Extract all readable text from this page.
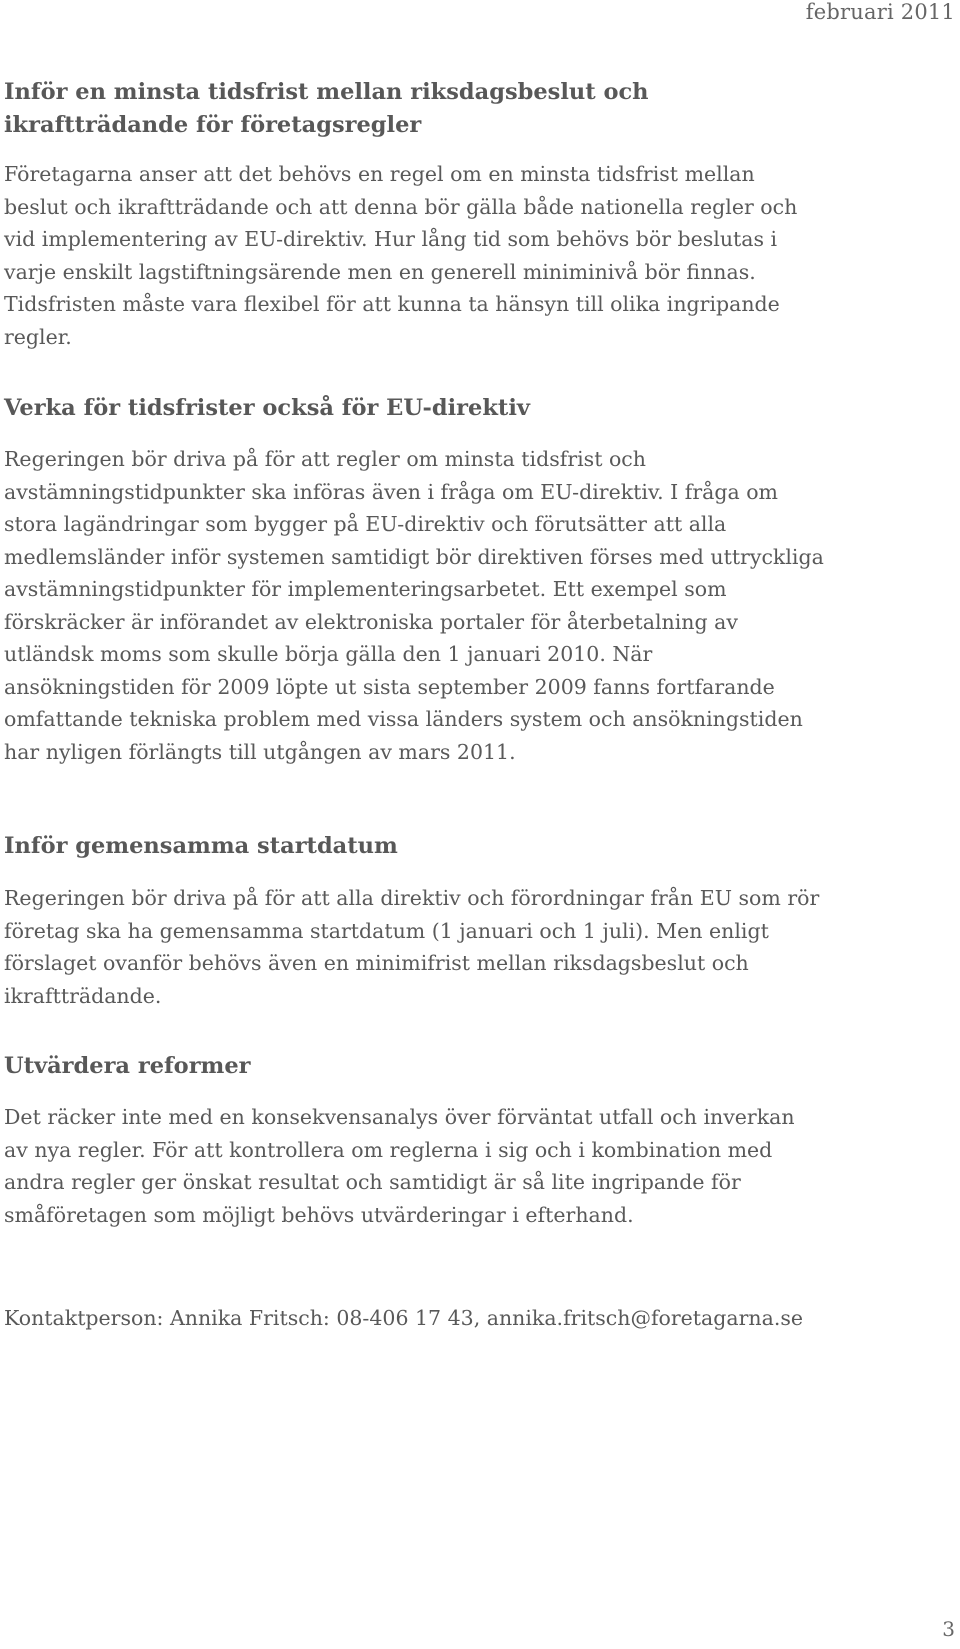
februari 2011
Inför en minsta tidsfrist mellan riksdagsbeslut och ikraftträdande för företagsregler

Företagarna anser att det behövs en regel om en minsta tidsfrist mellan beslut och ikraftträdande och att denna bör gälla både nationella regler och vid implementering av EU-direktiv. Hur lång tid som behövs bör beslutas i varje enskilt lagstiftningsärende men en generell miniminivå bör finnas. Tidsfristen måste vara flexibel för att kunna ta hänsyn till olika ingripande regler.

Verka för tidsfrister också för EU-direktiv

Regeringen bör driva på för att regler om minsta tidsfrist och avstämningstidpunkter ska införas även i fråga om EU-direktiv. I fråga om stora lagändringar som bygger på EU-direktiv och förutsätter att alla medlemsländer inför systemen samtidigt bör direktiven förses med uttryckliga avstämningstidpunkter för implementeringsarbetet. Ett exempel som förskräcker är införandet av elektroniska portaler för återbetalning av utländsk moms som skulle börja gälla den 1 januari 2010. När ansökningstiden för 2009 löpte ut sista september 2009 fanns fortfarande omfattande tekniska problem med vissa länders system och ansökningstiden har nyligen förlängts till utgången av mars 2011.

Inför gemensamma startdatum

Regeringen bör driva på för att alla direktiv och förordningar från EU som rör företag ska ha gemensamma startdatum (1 januari och 1 juli). Men enligt förslaget ovanför behövs även en minimifrist mellan riksdagsbeslut och ikraftträdande.

Utvärdera reformer

Det räcker inte med en konsekvensanalys över förväntat utfall och inverkan av nya regler. För att kontrollera om reglerna i sig och i kombination med andra regler ger önskat resultat och samtidigt är så lite ingripande för småföretagen som möjligt behövs utvärderingar i efterhand.

Kontaktperson: Annika Fritsch: 08-406 17 43, annika.fritsch@foretagarna.se

3
